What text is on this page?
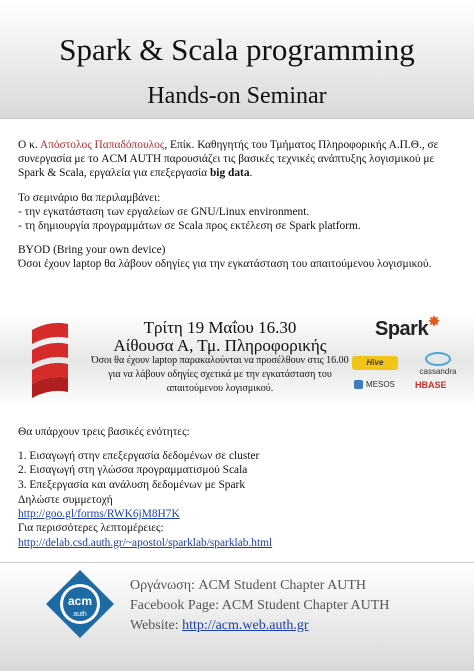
Spark & Scala programming
Hands-on Seminar

Ο κ. Απόστολος Παπαδόπουλος, Επίκ. Καθηγητής του Τμήματος Πληροφορικής Α.Π.Θ., σε συνεργασία με το ACM AUTH παρουσιάζει τις βασικές τεχνικές ανάπτυξης λογισμικού με Spark & Scala, εργαλεία για επεξεργασία big data.

Το σεμινάριο θα περιλαμβάνει:
- την εγκατάσταση των εργαλείων σε GNU/Linux environment.
- τη δημιουργία προγραμμάτων σε Scala προς εκτέλεση σε Spark platform.

BYOD (Bring your own device)
Όσοι έχουν laptop θα λάβουν οδηγίες για την εγκατάσταση του απαιτούμενου λογισμικού.

Τρίτη 19 Μαΐου 16.30
Αίθουσα Α, Τμ. Πληροφορικής
Όσοι θα έχουν laptop παρακαλούνται να προσέλθουν στις 16.00 για να λάβουν οδηγίες σχετικά με την εγκατάσταση του απαιτούμενου λογισμικού.
Spark✸
Hive
cassandra
MESOS HBASE

Θα υπάρχουν τρεις βασικές ενότητες:

1. Εισαγωγή στην επεξεργασία δεδομένων σε cluster
2. Εισαγωγή στη γλώσσα προγραμματισμού Scala
3. Επεξεργασία και ανάλυση δεδομένων με Spark
Δηλώστε συμμετοχή
http://goo.gl/forms/RWK6jM8H7K
Για περισσότερες λεπτομέρειες:
http://delab.csd.auth.gr/~apostol/sparklab/sparklab.html
acm
auth
Οργάνωση: ACM Student Chapter AUTH
Facebook Page: ACM Student Chapter AUTH
Website: http://acm.web.auth.gr
